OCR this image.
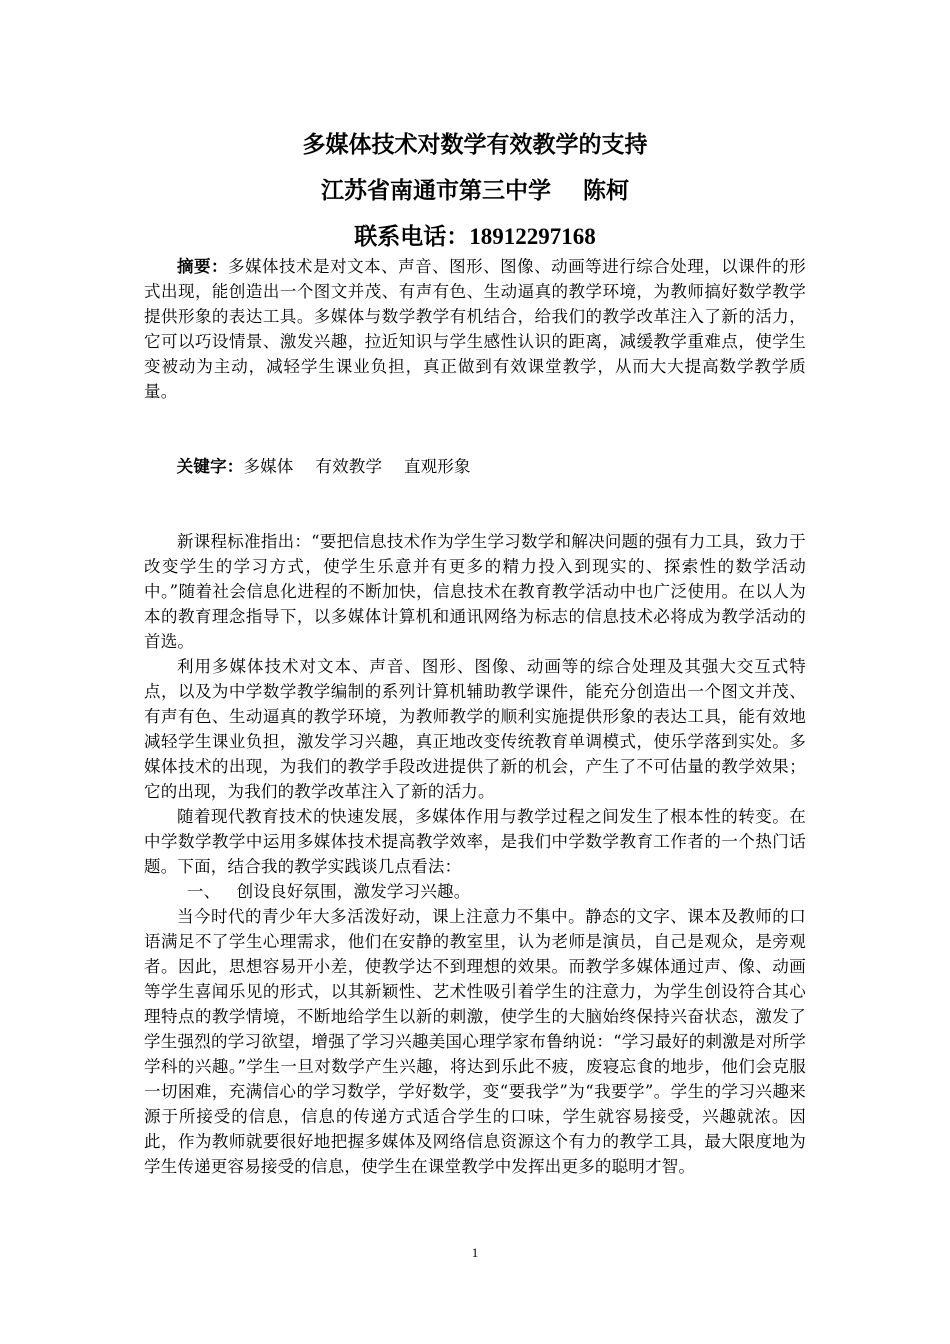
多媒体技术对数学有效教学的支持
江苏省南通市第三中学    陈柯
联系电话：18912297168

摘要：多媒体技术是对文本、声音、图形、图像、动画等进行综合处理，以课件的形式出现，能创造出一个图文并茂、有声有色、生动逼真的教学环境，为教师搞好数学教学提供形象的表达工具。多媒体与数学教学有机结合，给我们的教学改革注入了新的活力，它可以巧设情景、激发兴趣，拉近知识与学生感性认识的距离，减缓教学重难点，使学生变被动为主动，减轻学生课业负担，真正做到有效课堂教学，从而大大提高数学教学质量。

关键字：多媒体    有效教学    直观形象

新课程标准指出：“要把信息技术作为学生学习数学和解决问题的强有力工具，致力于改变学生的学习方式，使学生乐意并有更多的精力投入到现实的、探索性的数学活动中。”随着社会信息化进程的不断加快，信息技术在教育教学活动中也广泛使用。在以人为本的教育理念指导下，以多媒体计算机和通讯网络为标志的信息技术必将成为教学活动的首选。

利用多媒体技术对文本、声音、图形、图像、动画等的综合处理及其强大交互式特点，以及为中学数学教学编制的系列计算机辅助教学课件，能充分创造出一个图文并茂、有声有色、生动逼真的教学环境，为教师教学的顺利实施提供形象的表达工具，能有效地减轻学生课业负担，激发学习兴趣，真正地改变传统教育单调模式，使乐学落到实处。多媒体技术的出现，为我们的教学手段改进提供了新的机会，产生了不可估量的教学效果；它的出现，为我们的教学改革注入了新的活力。

随着现代教育技术的快速发展，多媒体作用与教学过程之间发生了根本性的转变。在中学数学教学中运用多媒体技术提高教学效率，是我们中学数学教育工作者的一个热门话题。下面，结合我的教学实践谈几点看法：

一、   创设良好氛围，激发学习兴趣。

当今时代的青少年大多活泼好动，课上注意力不集中。静态的文字、课本及教师的口语满足不了学生心理需求，他们在安静的教室里，认为老师是演员，自己是观众，是旁观者。因此，思想容易开小差，使教学达不到理想的效果。而教学多媒体通过声、像、动画等学生喜闻乐见的形式，以其新颖性、艺术性吸引着学生的注意力，为学生创设符合其心理特点的教学情境，不断地给学生以新的刺激，使学生的大脑始终保持兴奋状态，激发了学生强烈的学习欲望，增强了学习兴趣美国心理学家布鲁纳说：“学习最好的刺激是对所学学科的兴趣。”学生一旦对数学产生兴趣，将达到乐此不疲，废寝忘食的地步，他们会克服一切困难，充满信心的学习数学，学好数学，变“要我学”为“我要学”。学生的学习兴趣来源于所接受的信息，信息的传递方式适合学生的口味，学生就容易接受，兴趣就浓。因此，作为教师就要很好地把握多媒体及网络信息资源这个有力的教学工具，最大限度地为学生传递更容易接受的信息，使学生在课堂教学中发挥出更多的聪明才智。

1
